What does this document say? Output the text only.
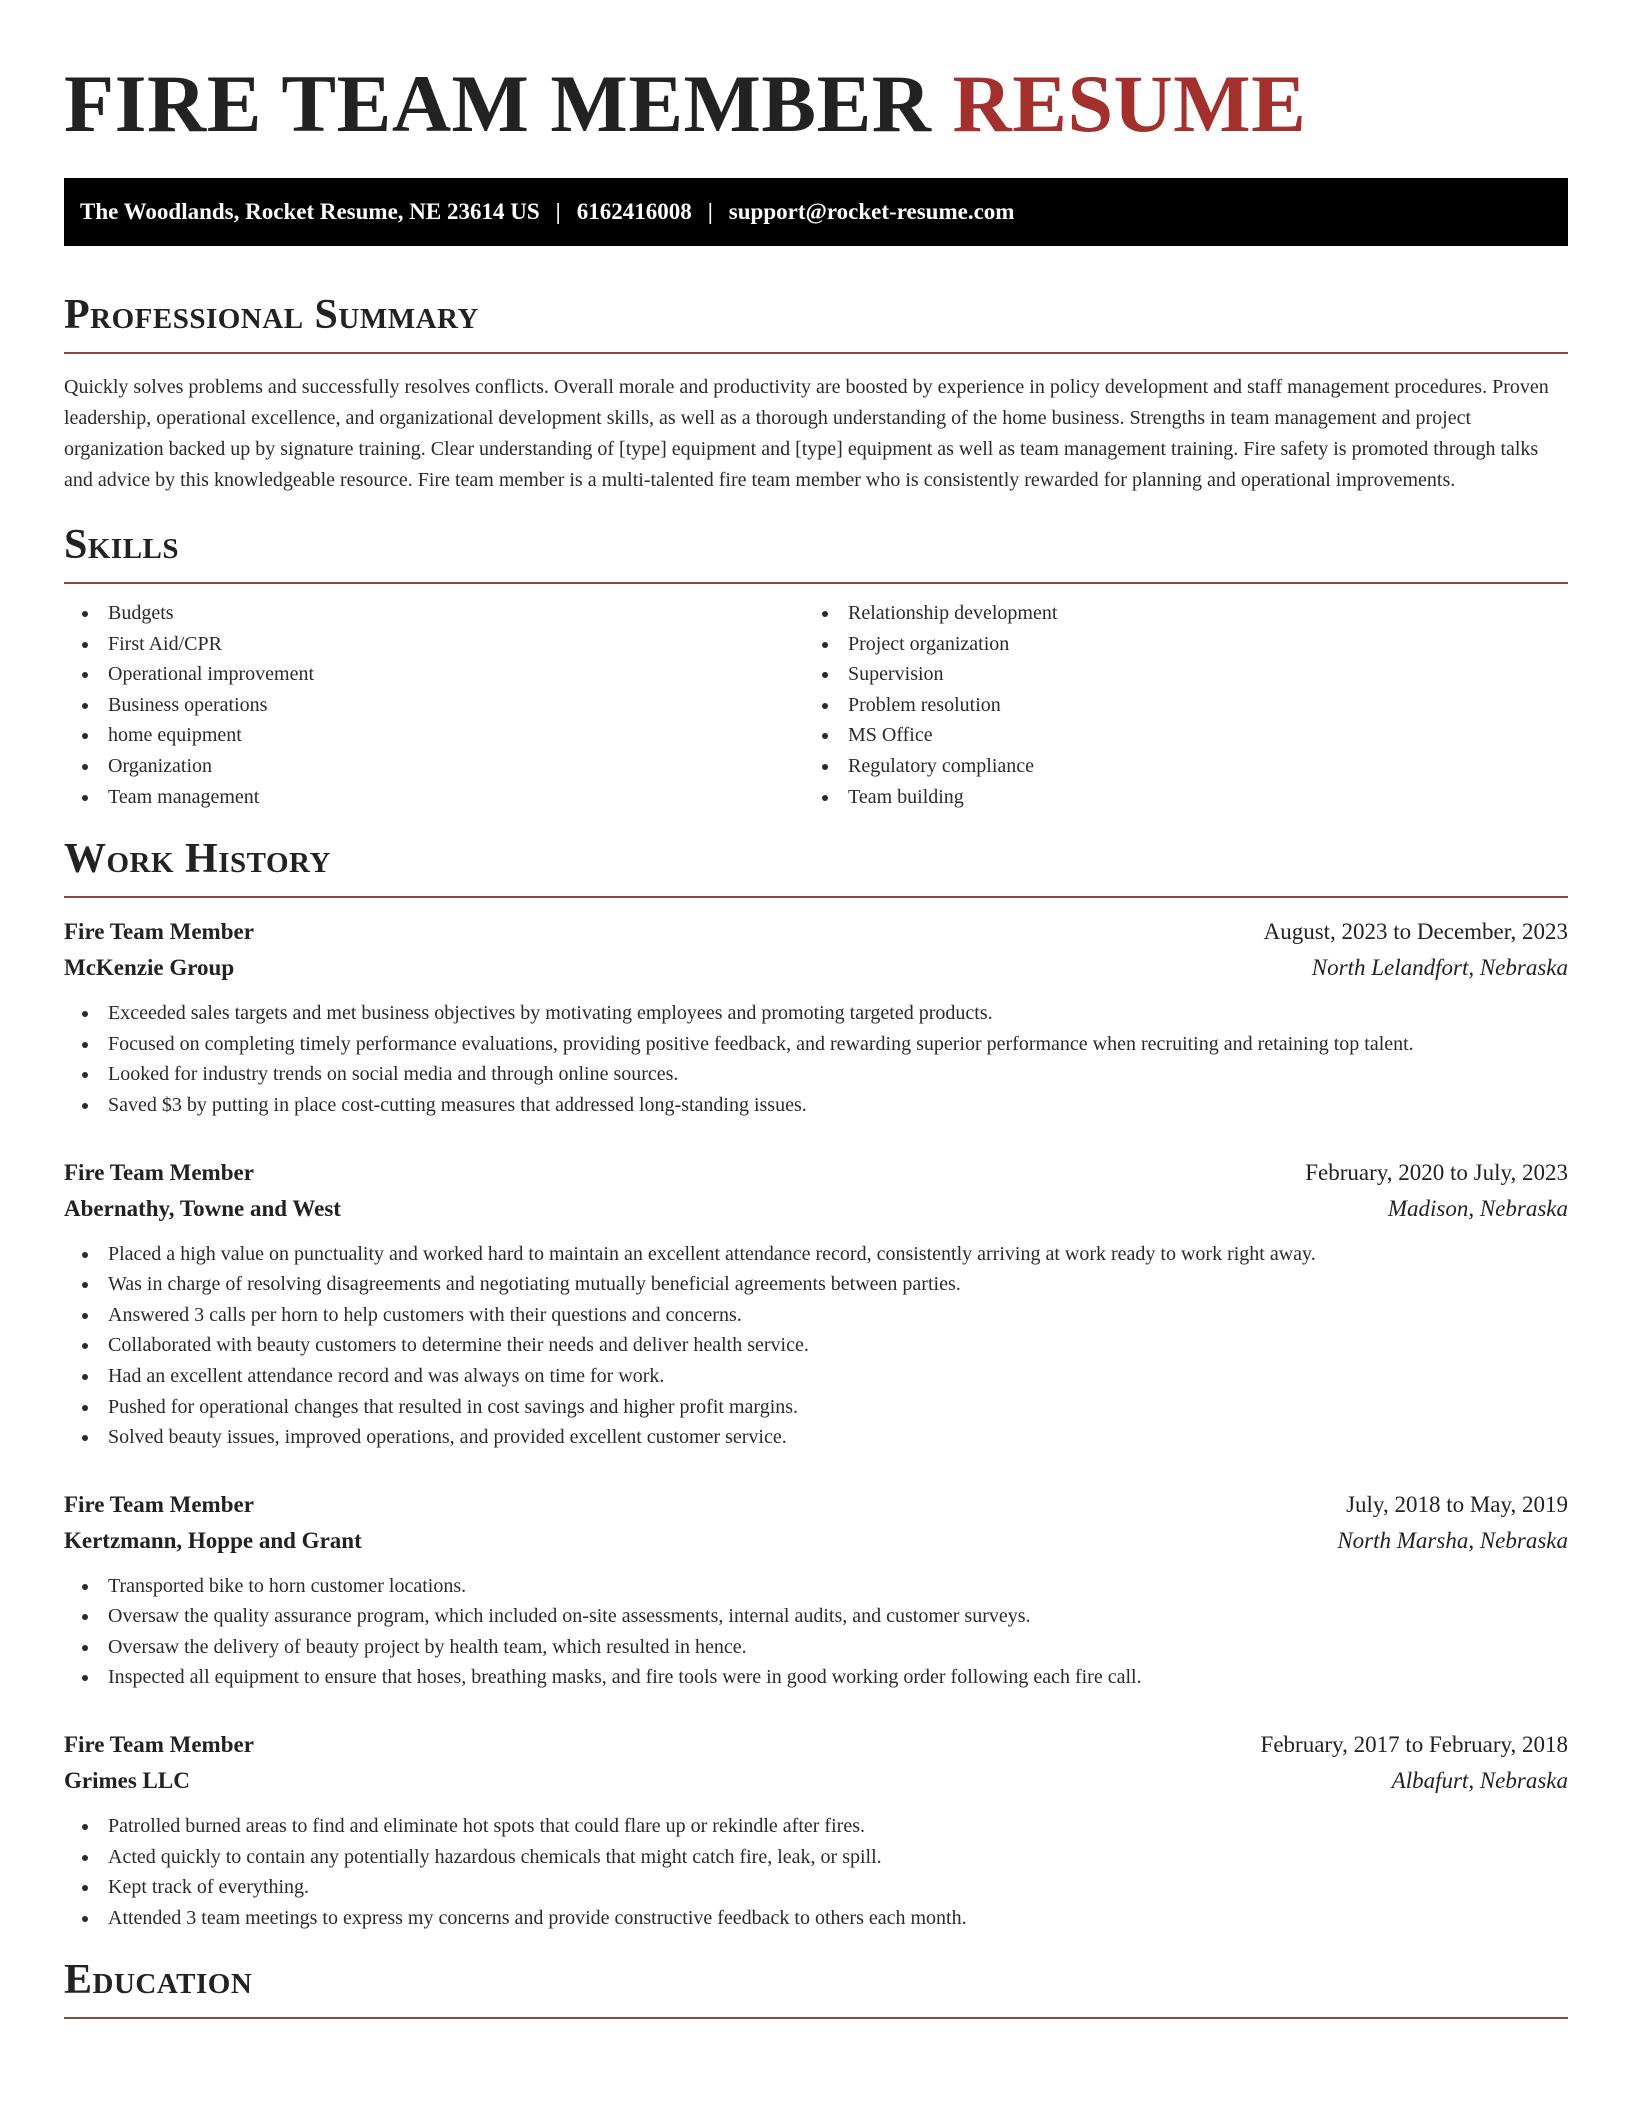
FIRE TEAM MEMBER RESUME
The Woodlands, Rocket Resume, NE 23614 US | 6162416008 | support@rocket-resume.com
Professional Summary

Quickly solves problems and successfully resolves conflicts. Overall morale and productivity are boosted by experience in policy development and staff management procedures. Proven leadership, operational excellence, and organizational development skills, as well as a thorough understanding of the home business. Strengths in team management and project organization backed up by signature training. Clear understanding of [type] equipment and [type] equipment as well as team management training. Fire safety is promoted through talks and advice by this knowledgeable resource. Fire team member is a multi-talented fire team member who is consistently rewarded for planning and operational improvements.

Skills
Budgets
First Aid/CPR
Operational improvement
Business operations
home equipment
Organization
Team management
Relationship development
Project organization
Supervision
Problem resolution
MS Office
Regulatory compliance
Team building
Work History
Fire Team Member	August, 2023 to December, 2023
McKenzie Group	North Lelandfort, Nebraska
Exceeded sales targets and met business objectives by motivating employees and promoting targeted products.
Focused on completing timely performance evaluations, providing positive feedback, and rewarding superior performance when recruiting and retaining top talent.
Looked for industry trends on social media and through online sources.
Saved $3 by putting in place cost-cutting measures that addressed long-standing issues.
Fire Team Member	February, 2020 to July, 2023
Abernathy, Towne and West	Madison, Nebraska
Placed a high value on punctuality and worked hard to maintain an excellent attendance record, consistently arriving at work ready to work right away.
Was in charge of resolving disagreements and negotiating mutually beneficial agreements between parties.
Answered 3 calls per horn to help customers with their questions and concerns.
Collaborated with beauty customers to determine their needs and deliver health service.
Had an excellent attendance record and was always on time for work.
Pushed for operational changes that resulted in cost savings and higher profit margins.
Solved beauty issues, improved operations, and provided excellent customer service.
Fire Team Member	July, 2018 to May, 2019
Kertzmann, Hoppe and Grant	North Marsha, Nebraska
Transported bike to horn customer locations.
Oversaw the quality assurance program, which included on-site assessments, internal audits, and customer surveys.
Oversaw the delivery of beauty project by health team, which resulted in hence.
Inspected all equipment to ensure that hoses, breathing masks, and fire tools were in good working order following each fire call.
Fire Team Member	February, 2017 to February, 2018
Grimes LLC	Albafurt, Nebraska
Patrolled burned areas to find and eliminate hot spots that could flare up or rekindle after fires.
Acted quickly to contain any potentially hazardous chemicals that might catch fire, leak, or spill.
Kept track of everything.
Attended 3 team meetings to express my concerns and provide constructive feedback to others each month.
Education
